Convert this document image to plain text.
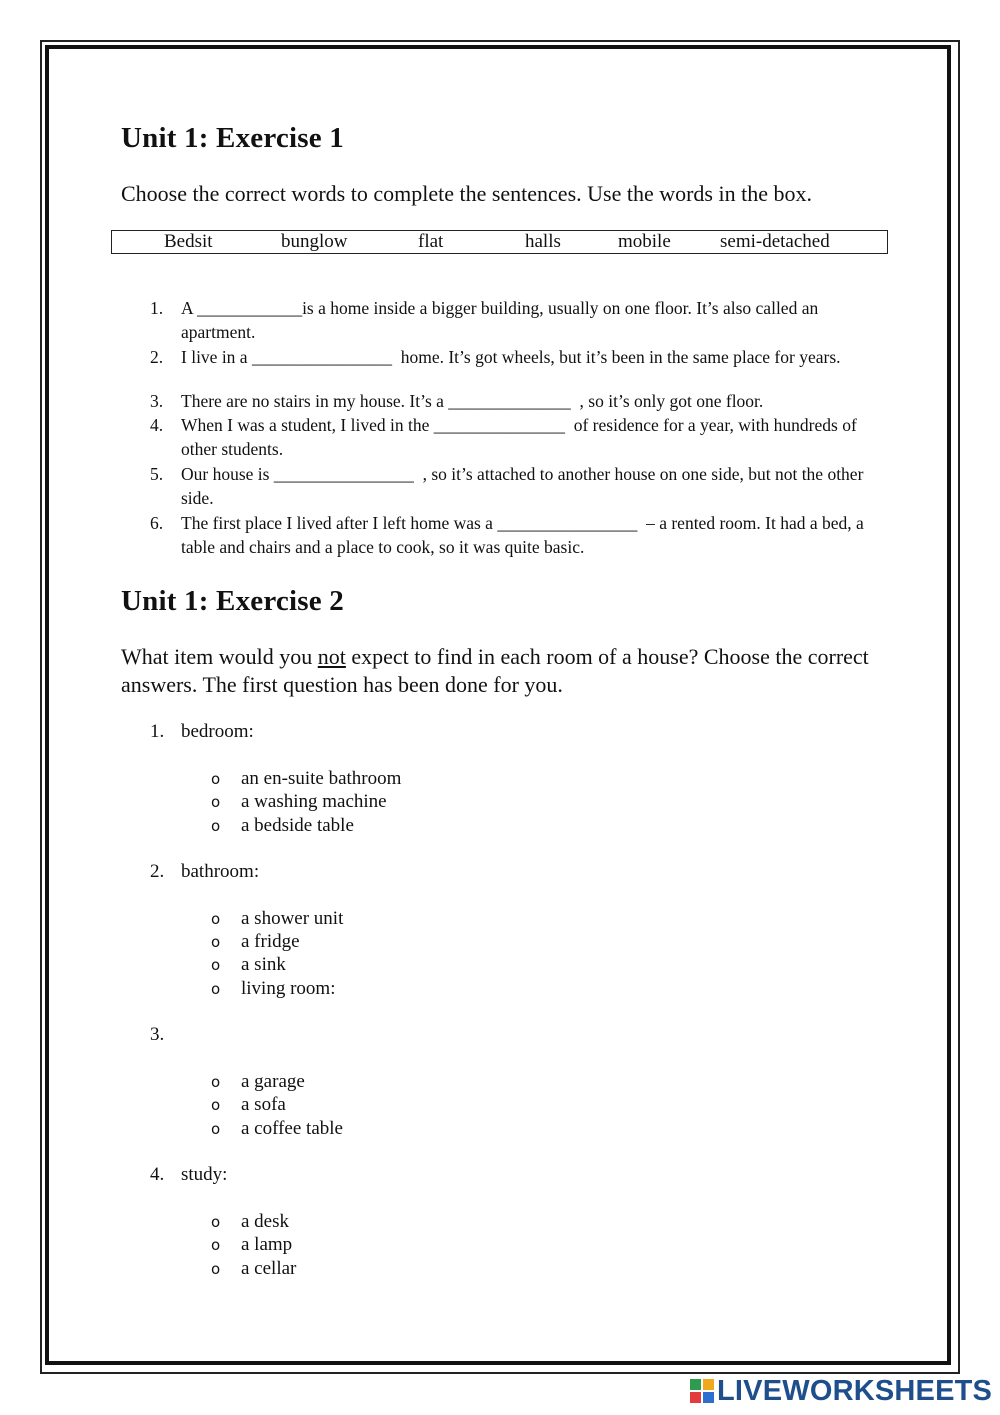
Unit 1: Exercise 1

Choose the correct words to complete the sentences. Use the words in the box.

Bedsit	bunglow	flat	halls	mobile	semi-detached
1.	A ____________is a home inside a bigger building, usually on one floor. It’s also called an apartment.
2.	I live in a ________________  home. It’s got wheels, but it’s been in the same place for years.
3.	There are no stairs in my house. It’s a ______________  , so it’s only got one floor.
4.	When I was a student, I lived in the _______________  of residence for a year, with hundreds of other students.
5.	Our house is ________________  , so it’s attached to another house on one side, but not the other side.
6.	The first place I lived after I left home was a ________________  – a rented room. It had a bed, a table and chairs and a place to cook, so it was quite basic.
Unit 1: Exercise 2

What item would you not expect to find in each room of a house? Choose the correct answers. The first question has been done for you.

1. bedroom:
o an en-suite bathroom
o a washing machine
o a bedside table
2. bathroom:
o a shower unit
o a fridge
o a sink
o living room:
3.
o a garage
o a sofa
o a coffee table
4. study:
o a desk
o a lamp
o a cellar
LIVEWORKSHEETS
